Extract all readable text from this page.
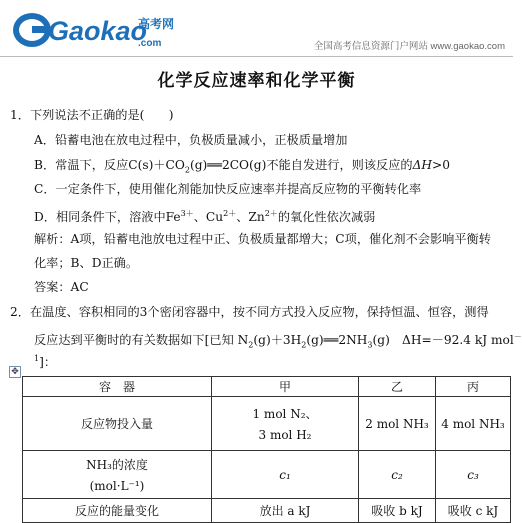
Gaokao
.com
高考网
全国高考信息资源门户网站 www.gaokao.com
化学反应速率和化学平衡
1．下列说法不正确的是(　　)
A．铅蓄电池在放电过程中，负极质量减小，正极质量增加
B．常温下，反应$C(s)+CO_2(g)══2CO(g)$不能自发进行，则该反应的ΔH>0
C．一定条件下，使用催化剂能加快反应速率并提高反应物的平衡转化率
D．相同条件下，溶液中$Fe^{3+}$、$Cu^{2+}$、$Zn^{2+}$的氧化性依次减弱
解析：A项，铅蓄电池放电过程中正、负极质量都增大；C项，催化剂不会影响平衡转
化率；B、D正确。
答案：AC
2．在温度、容积相同的3个密闭容器中，按不同方式投入反应物，保持恒温、恒容，测得
反应达到平衡时的有关数据如下[已知 $N_2(g)+3H_2(g)══2NH_3(g)$　ΔH=－92.4 kJ mol－
$^1$]：
✥
容　器	甲	乙	丙
反应物投入量	1 mol N₂、
3 mol H₂	2 mol NH₃	4 mol NH₃

NH₃的浓度
(mol·L⁻¹)	c₁	c₂	c₃
反应的能量变化	放出 a kJ	吸收 b kJ	吸收 c kJ
